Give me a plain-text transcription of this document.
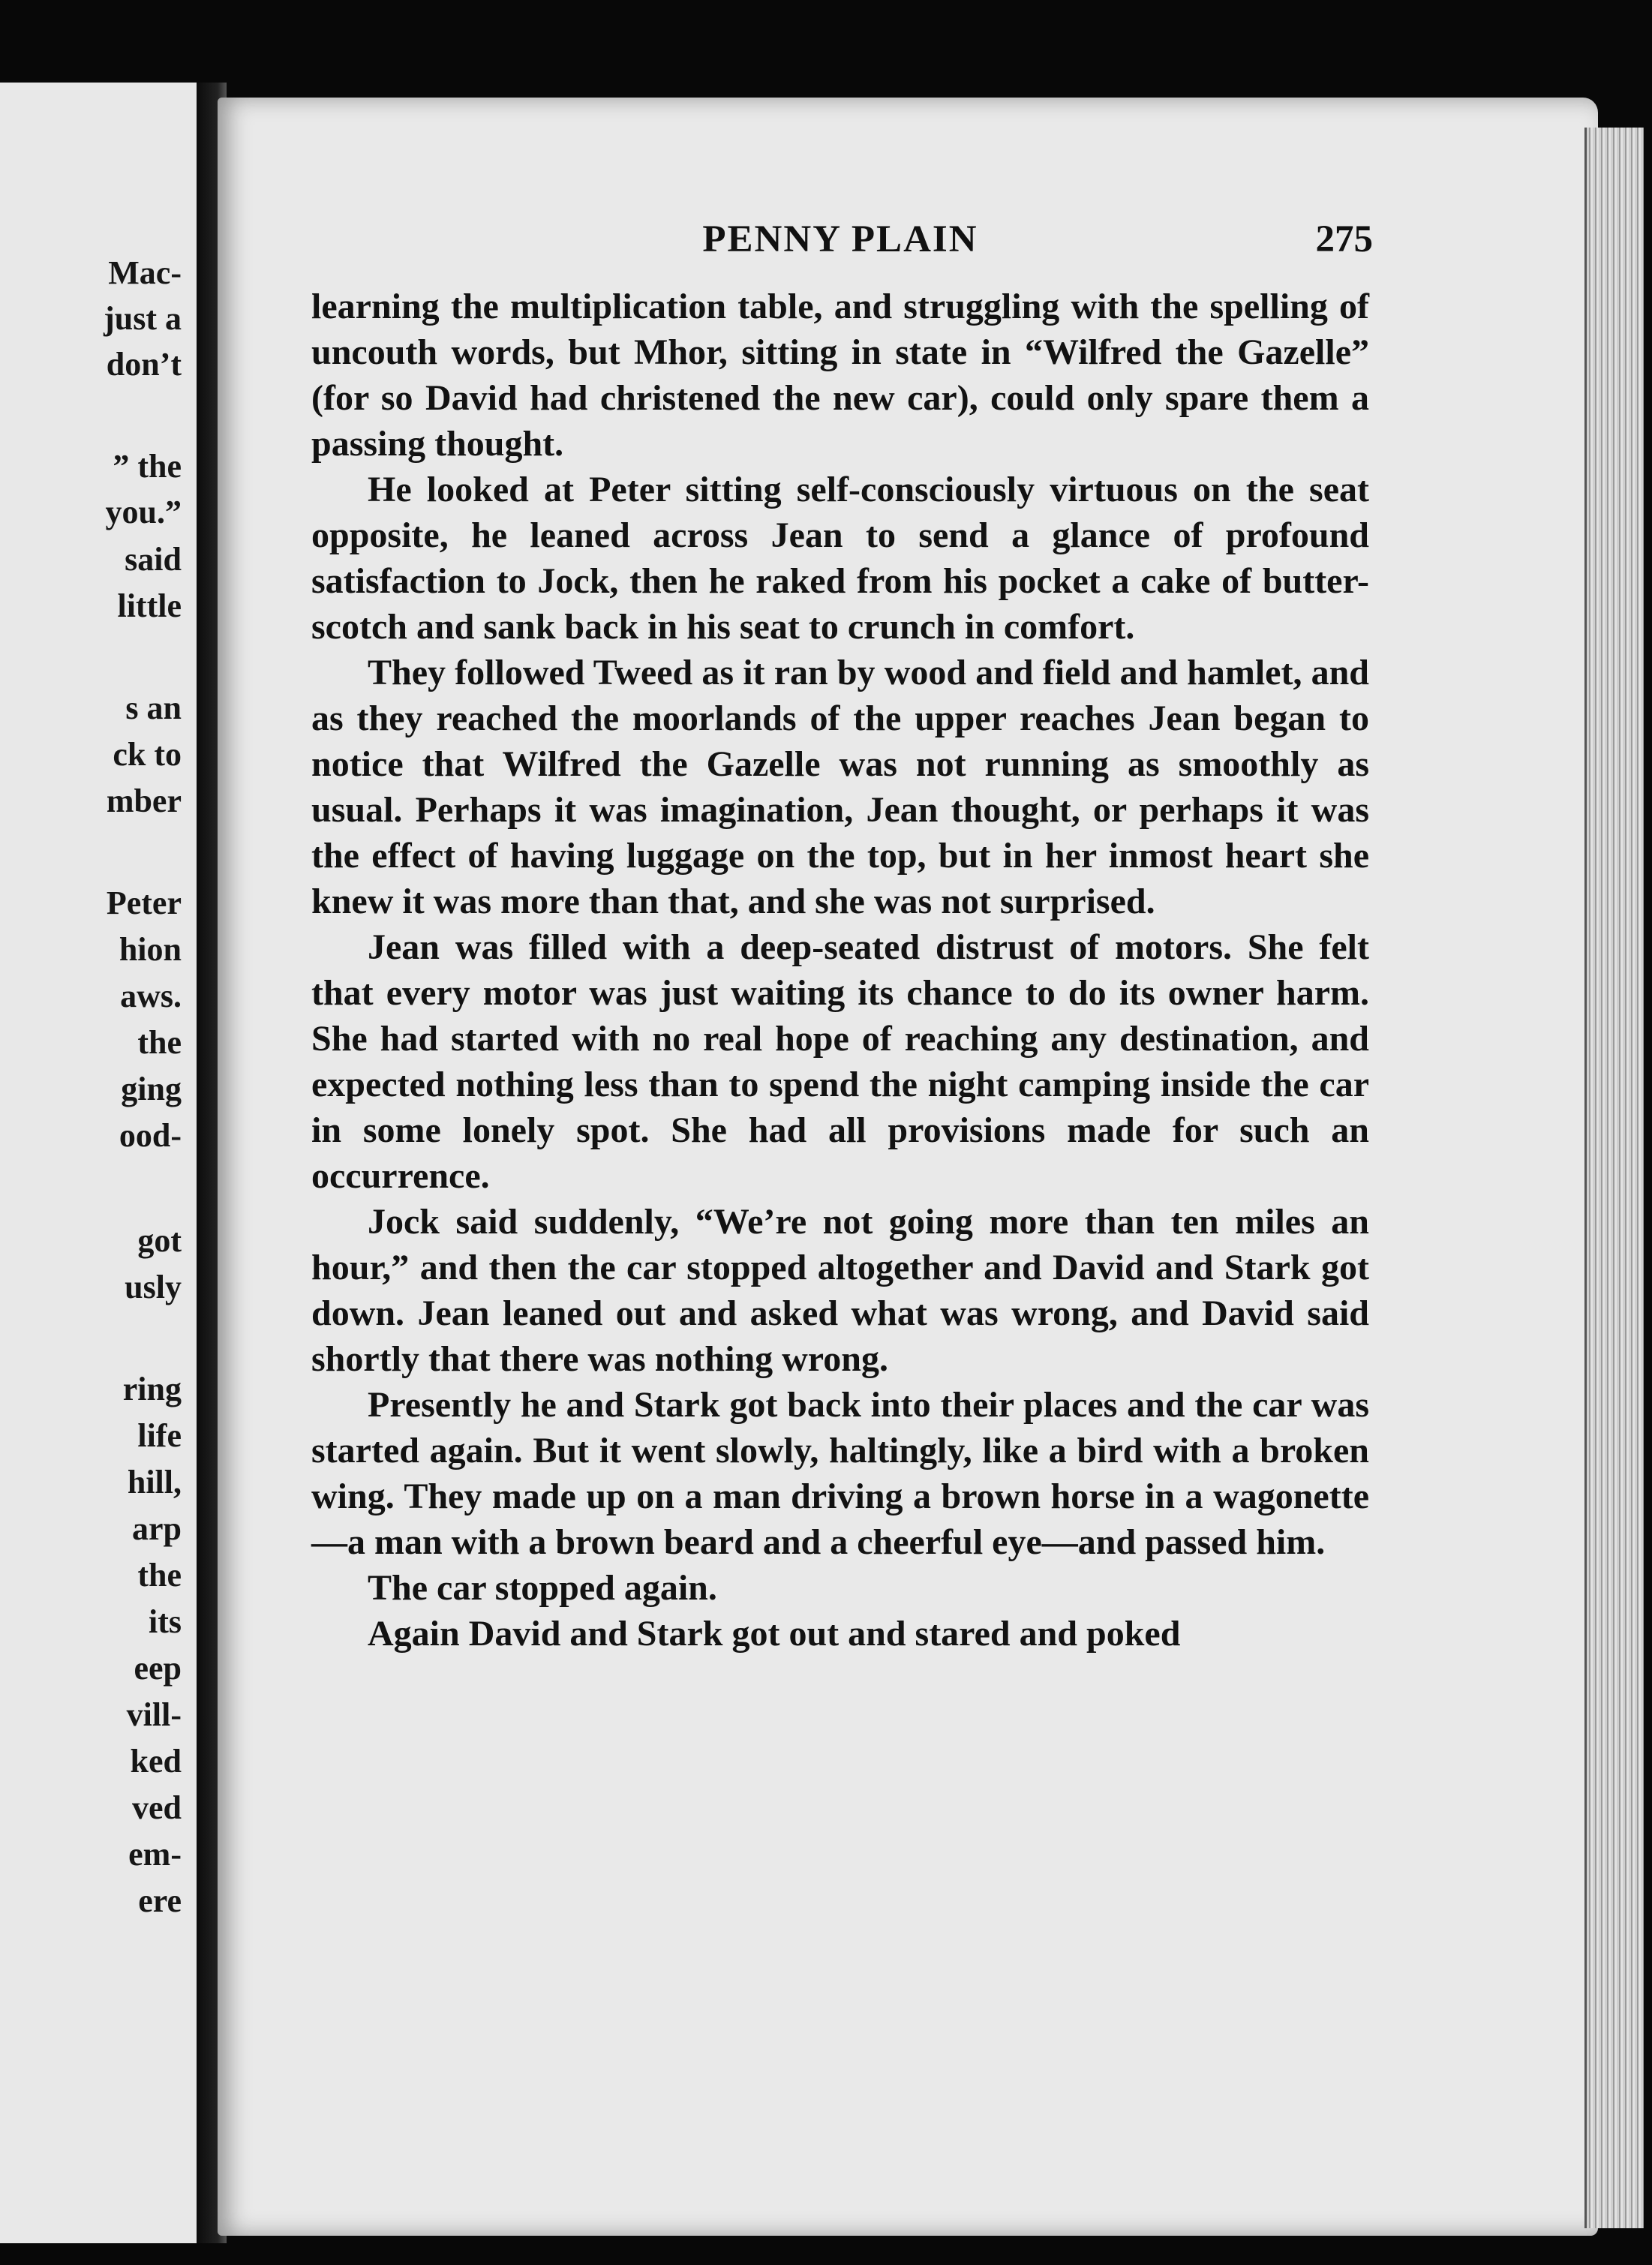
Mac-
just a
don’t
” the
you.”
said
little
s an
ck to
mber
Peter
hion
aws.
the
ging
ood-
got
usly
ring
life
hill,
arp
the
its
eep
vill-
ked
ved
em-
ere
PENNY PLAIN	275

learning the multiplication table, and struggling with the spelling of uncouth words, but Mhor, sitting in state in “Wilfred the Gazelle” (for so David had christened the new car), could only spare them a passing thought.

He looked at Peter sitting self-consciously virtuous on the seat opposite, he leaned across Jean to send a glance of profound satisfaction to Jock, then he raked from his pocket a cake of butter-scotch and sank back in his seat to crunch in comfort.

They followed Tweed as it ran by wood and field and hamlet, and as they reached the moorlands of the upper reaches Jean began to notice that Wilfred the Gazelle was not running as smoothly as usual. Perhaps it was imagination, Jean thought, or perhaps it was the effect of having luggage on the top, but in her inmost heart she knew it was more than that, and she was not surprised.

Jean was filled with a deep-seated distrust of motors. She felt that every motor was just waiting its chance to do its owner harm. She had started with no real hope of reaching any destination, and expected nothing less than to spend the night camping inside the car in some lonely spot. She had all provisions made for such an occurrence.

Jock said suddenly, “We’re not going more than ten miles an hour,” and then the car stopped altogether and David and Stark got down. Jean leaned out and asked what was wrong, and David said shortly that there was nothing wrong.

Presently he and Stark got back into their places and the car was started again. But it went slowly, haltingly, like a bird with a broken wing. They made up on a man driving a brown horse in a wagonette—a man with a brown beard and a cheerful eye—and passed him.

The car stopped again.

Again David and Stark got out and stared and poked
